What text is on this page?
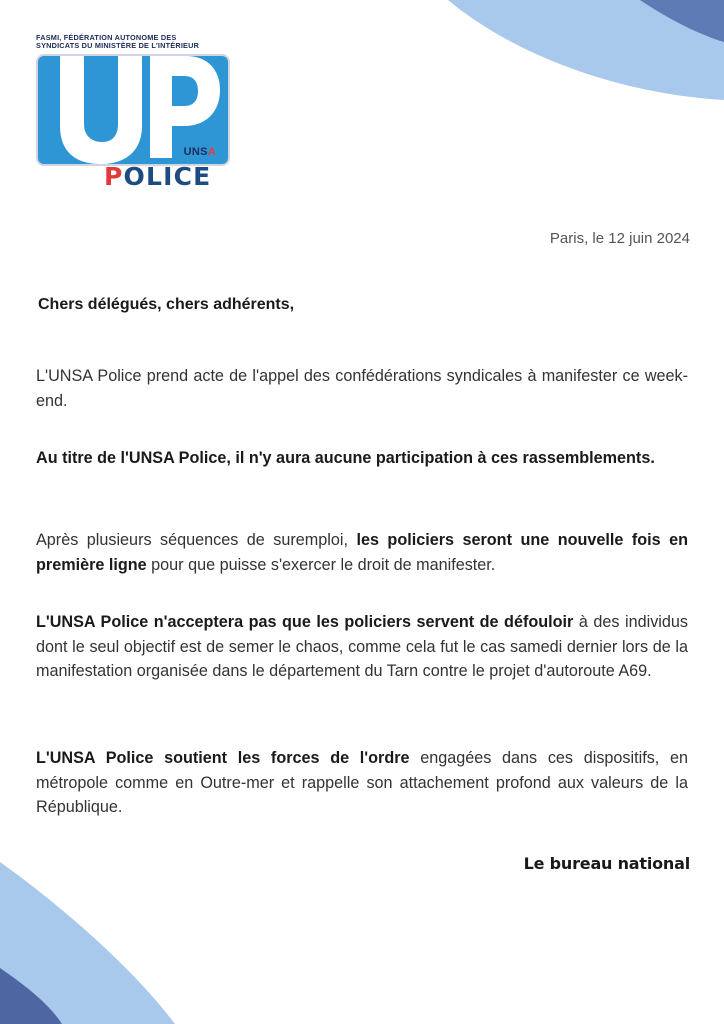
FASMI, FÉDÉRATION AUTONOME DES
SYNDICATS DU MINISTÈRE DE L'INTÉRIEUR
UNSA
POLICE
Paris, le 12 juin 2024
Chers délégués, chers adhérents,

L'UNSA Police prend acte de l'appel des confédérations syndicales à manifester ce week-end.

Au titre de l'UNSA Police, il n'y aura aucune participation à ces rassemblements.

Après plusieurs séquences de suremploi, les policiers seront une nouvelle fois en première ligne pour que puisse s'exercer le droit de manifester.

L'UNSA Police n'acceptera pas que les policiers servent de défouloir à des individus dont le seul objectif est de semer le chaos, comme cela fut le cas samedi dernier lors de la manifestation organisée dans le département du Tarn contre le projet d'autoroute A69.

L'UNSA Police soutient les forces de l'ordre engagées dans ces dispositifs, en métropole comme en Outre-mer et rappelle son attachement profond aux valeurs de la République.

Le bureau national
